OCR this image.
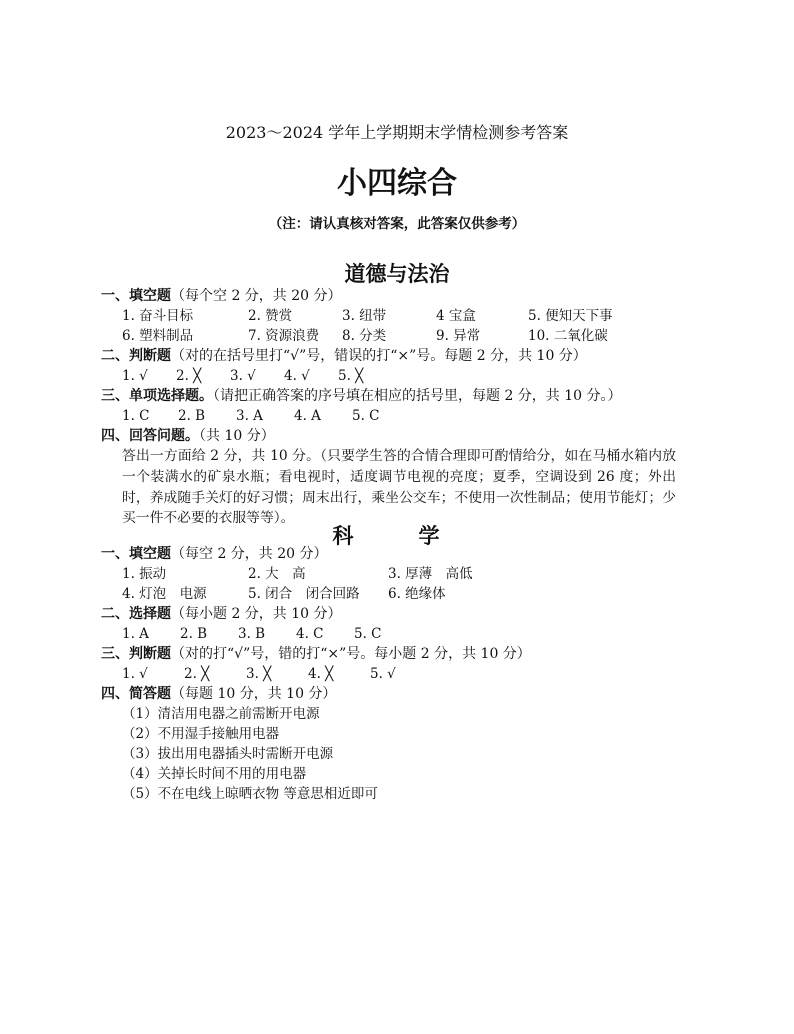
2023～2024 学年上学期期末学情检测参考答案
小四综合
（注：请认真核对答案，此答案仅供参考）
道德与法治
一、填空题（每个空 2 分，共 20 分）
1. 奋斗目标	2. 赞赏	3. 纽带	4 宝盒	5. 便知天下事
6. 塑料制品	7. 资源浪费 8. 分类	9. 异常	10. 二氧化碳
二、判断题（对的在括号里打“√”号，错误的打“×”号。每题 2 分，共 10 分）
1. √ 2. ╳ 3. √ 4. √ 5. ╳
三、单项选择题。（请把正确答案的序号填在相应的括号里，每题 2 分，共 10 分。）
1. C 2. B 3. A 4. A 5. C
四、回答问题。（共 10 分）
答出一方面给 2 分，共 10 分。（只要学生答的合情合理即可酌情给分，如在马桶水箱内放一个装满水的矿泉水瓶；看电视时，适度调节电视的亮度；夏季，空调设到 26 度；外出时，养成随手关灯的好习惯；周末出行，乘坐公交车；不使用一次性制品；使用节能灯；少买一件不必要的衣服等等）。
科　学
一、填空题（每空 2 分，共 20 分）
1. 振动	2. 大　高	3. 厚薄　高低
4. 灯泡　电源	5. 闭合　闭合回路 6. 绝缘体
二、选择题（每小题 2 分，共 10 分）
1. A 2. B 3. B 4. C 5. C
三、判断题（对的打“√”号，错的打“×”号。每小题 2 分，共 10 分）
1. √	2. ╳	3. ╳	4. ╳	5. √
四、简答题（每题 10 分，共 10 分）
（1）清洁用电器之前需断开电源
（2）不用湿手接触用电器
（3）拔出用电器插头时需断开电源
（4）关掉长时间不用的用电器
（5）不在电线上晾晒衣物 等意思相近即可
